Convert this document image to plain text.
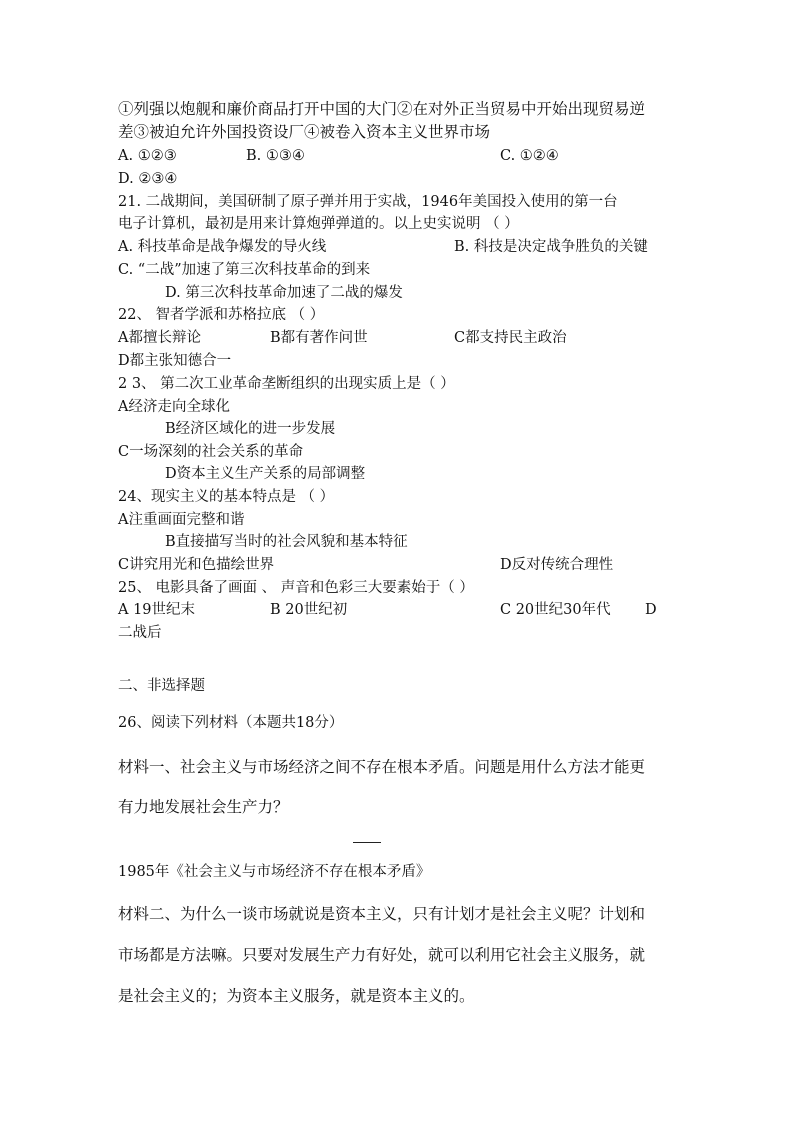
①列强以炮舰和廉价商品打开中国的大门②在对外正当贸易中开始出现贸易逆
差③被迫允许外国投资设厂④被卷入资本主义世界市场
A. ①②③	B. ①③④	C. ①②④
D. ②③④
21. 二战期间，美国研制了原子弹并用于实战，1946年美国投入使用的第一台
电子计算机，最初是用来计算炮弹弹道的。以上史实说明 （ ）
A. 科技革命是战争爆发的导火线	B. 科技是决定战争胜负的关键
C. “二战”加速了第三次科技革命的到来
D. 第三次科技革命加速了二战的爆发
22、 智者学派和苏格拉底 （ ）
A都擅长辩论	B都有著作问世	C都支持民主政治
D都主张知德合一
2 3、 第二次工业革命垄断组织的出现实质上是（ ）
A经济走向全球化
B经济区域化的进一步发展
C一场深刻的社会关系的革命
D资本主义生产关系的局部调整
24、现实主义的基本特点是 （ ）
A注重画面完整和谐
B直接描写当时的社会风貌和基本特征
C讲究用光和色描绘世界	D反对传统合理性
25、 电影具备了画面 、 声音和色彩三大要素始于（ ）
A 19世纪末	B 20世纪初	C 20世纪30年代 D
二战后
二、非选择题
26、阅读下列材料（本题共18分）
材料一、社会主义与市场经济之间不存在根本矛盾。问题是用什么方法才能更
有力地发展社会生产力？
1985年《社会主义与市场经济不存在根本矛盾》
材料二、为什么一谈市场就说是资本主义，只有计划才是社会主义呢？计划和
市场都是方法嘛。只要对发展生产力有好处，就可以利用它社会主义服务，就
是社会主义的；为资本主义服务，就是资本主义的。
